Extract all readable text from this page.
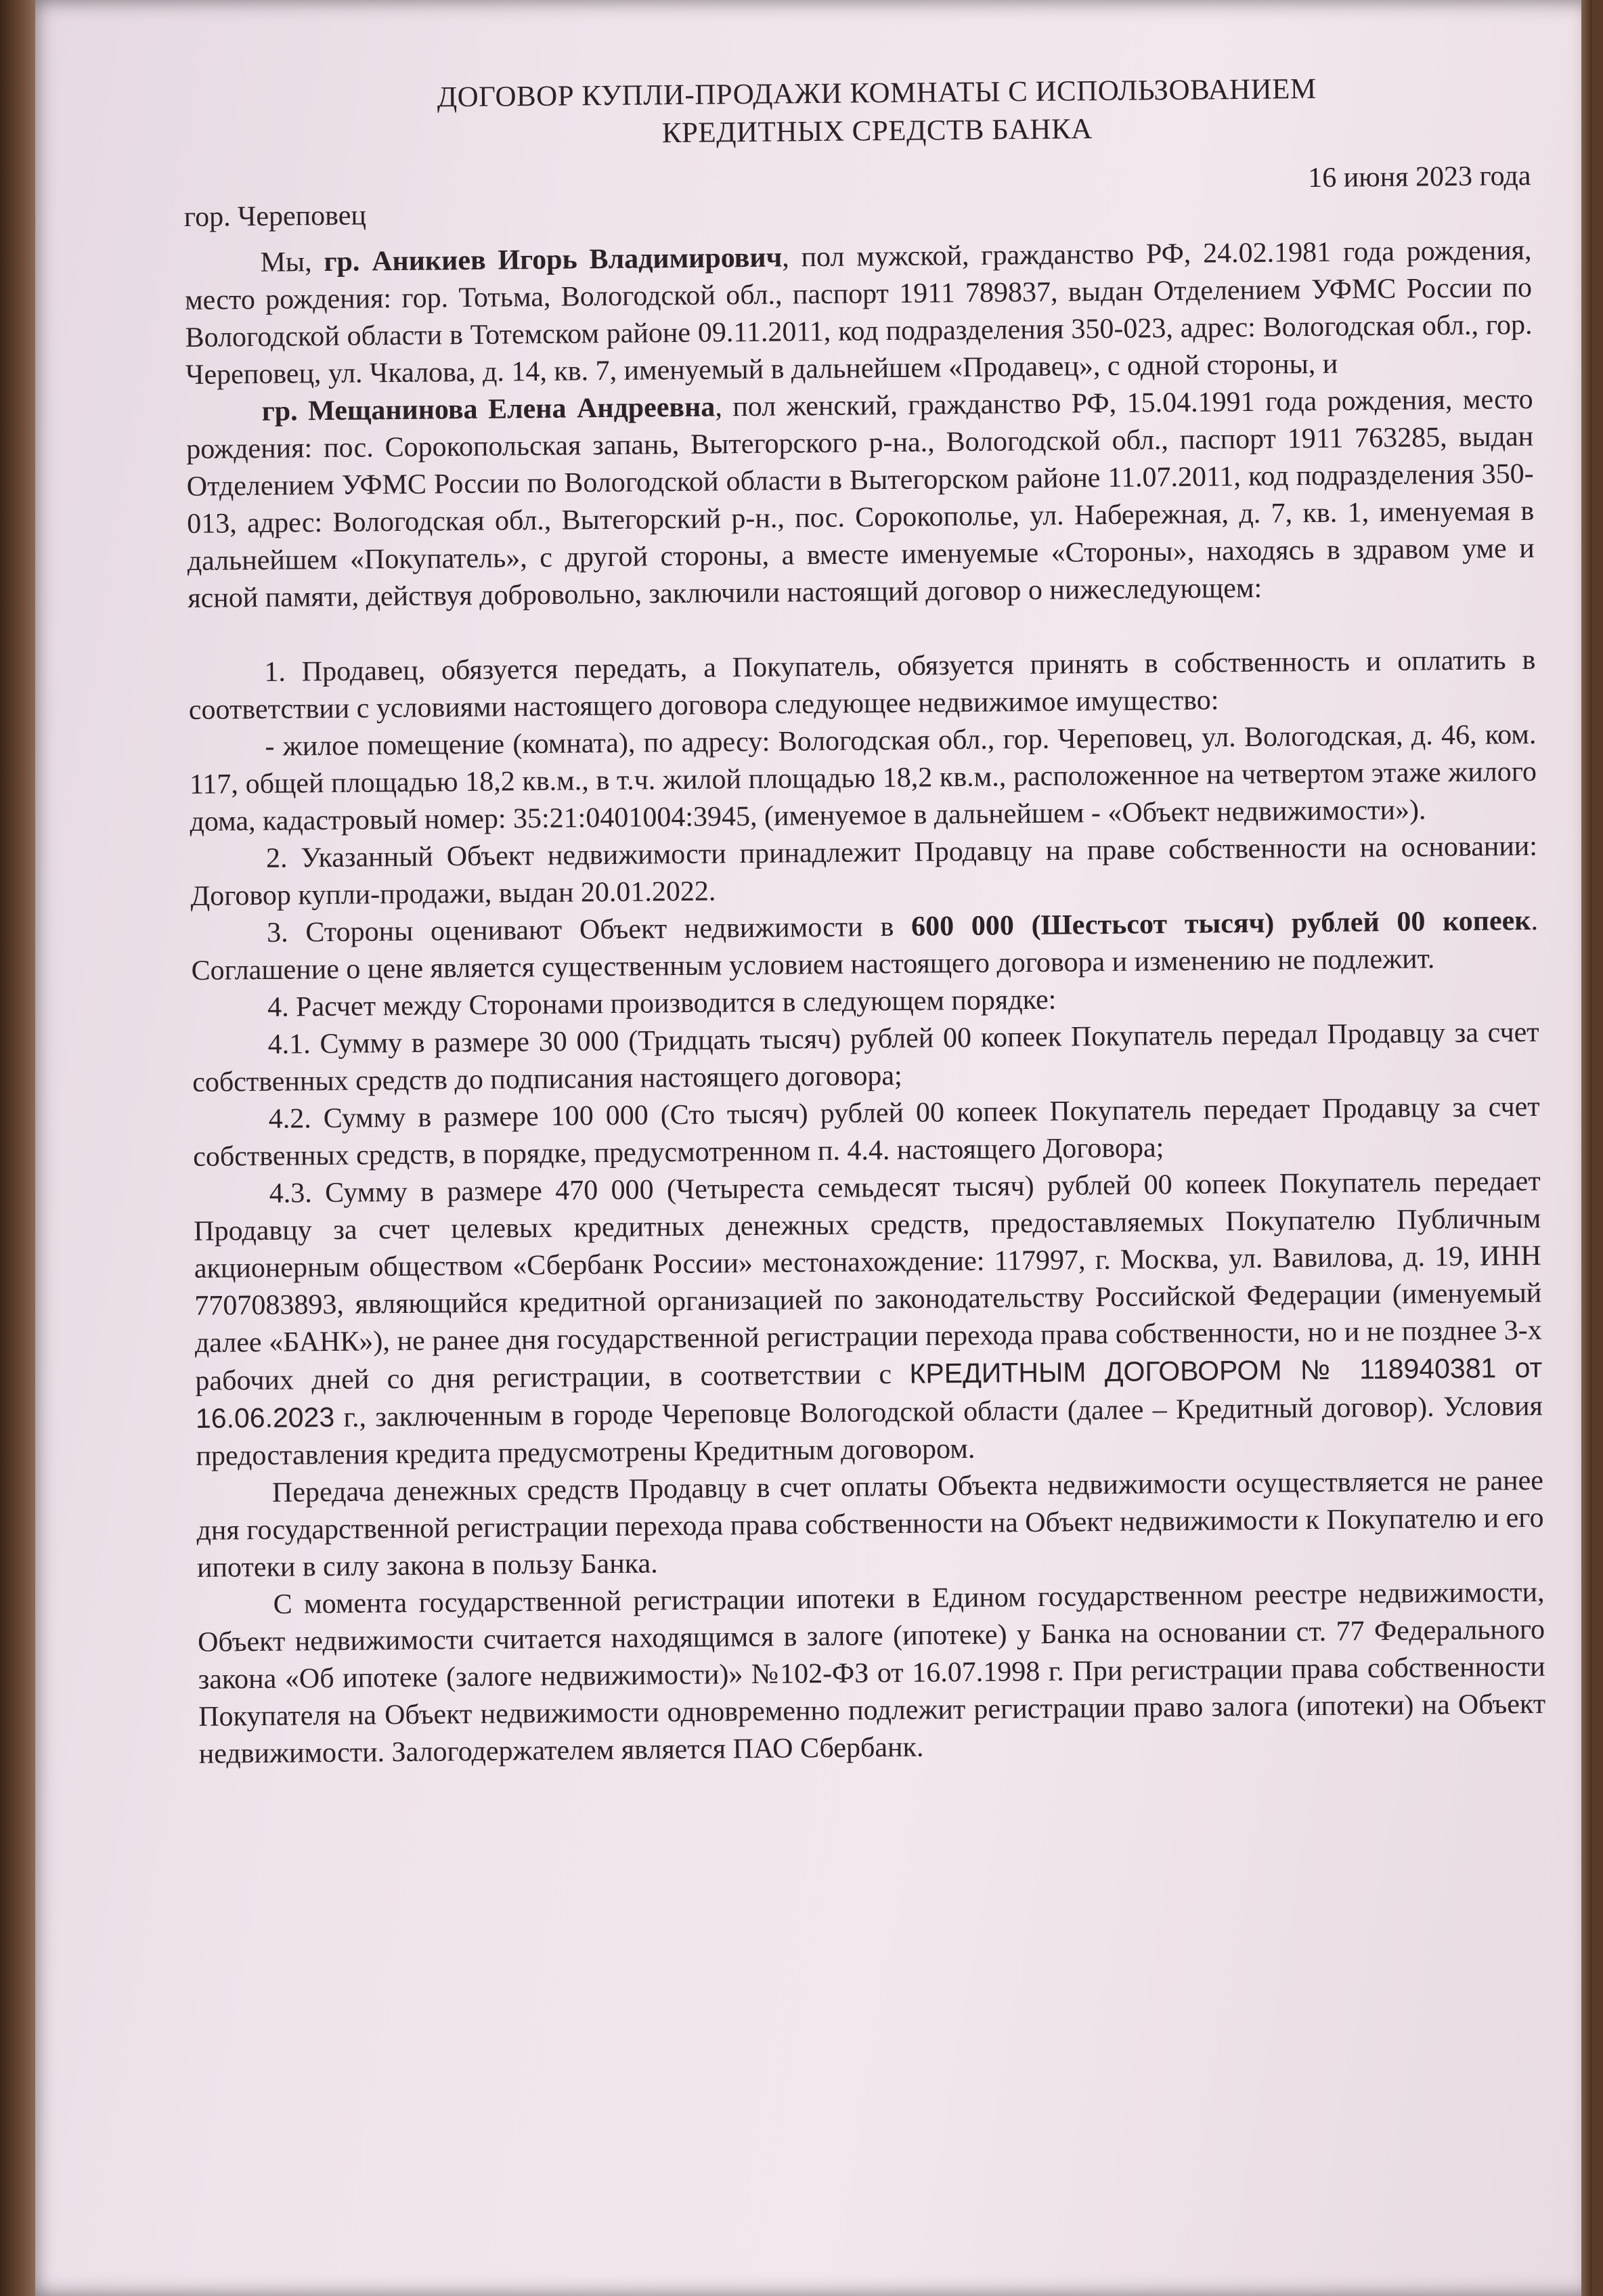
ДОГОВОР КУПЛИ-ПРОДАЖИ КОМНАТЫ С ИСПОЛЬЗОВАНИЕМ
КРЕДИТНЫХ СРЕДСТВ БАНКА
гор. Череповец
16 июня 2023 года

Мы, гр. Аникиев Игорь Владимирович, пол мужской, гражданство РФ, 24.02.1981 года рождения, место рождения: гор. Тотьма, Вологодской обл., паспорт 1911 789837, выдан Отделением УФМС России по Вологодской области в Тотемском районе 09.11.2011, код подразделения 350-023, адрес: Вологодская обл., гор. Череповец, ул. Чкалова, д. 14, кв. 7, именуемый в дальнейшем «Продавец», с одной стороны, и

гр. Мещанинова Елена Андреевна, пол женский, гражданство РФ, 15.04.1991 года рождения, место рождения: пос. Сорокопольская запань, Вытегорского р-на., Вологодской обл., паспорт 1911 763285, выдан Отделением УФМС России по Вологодской области в Вытегорском районе 11.07.2011, код подразделения 350-013, адрес: Вологодская обл., Вытегорский р-н., пос. Сорокополье, ул. Набережная, д. 7, кв. 1, именуемая в дальнейшем «Покупатель», с другой стороны, а вместе именуемые «Стороны», находясь в здравом уме и ясной памяти, действуя добровольно, заключили настоящий договор о нижеследующем:

1. Продавец, обязуется передать, а Покупатель, обязуется принять в собственность и оплатить в соответствии с условиями настоящего договора следующее недвижимое имущество:

- жилое помещение (комната), по адресу: Вологодская обл., гор. Череповец, ул. Вологодская, д. 46, ком. 117, общей площадью 18,2 кв.м., в т.ч. жилой площадью 18,2 кв.м., расположенное на четвертом этаже жилого дома, кадастровый номер: 35:21:0401004:3945, (именуемое в дальнейшем - «Объект недвижимости»).

2. Указанный Объект недвижимости принадлежит Продавцу на праве собственности на основании: Договор купли-продажи, выдан 20.01.2022.

3. Стороны оценивают Объект недвижимости в 600 000 (Шестьсот тысяч) рублей 00 копеек. Соглашение о цене является существенным условием настоящего договора и изменению не подлежит.

4. Расчет между Сторонами производится в следующем порядке:

4.1. Сумму в размере 30 000 (Тридцать тысяч) рублей 00 копеек Покупатель передал Продавцу за счет собственных средств до подписания настоящего договора;

4.2. Сумму в размере 100 000 (Сто тысяч) рублей 00 копеек Покупатель передает Продавцу за счет собственных средств, в порядке, предусмотренном п. 4.4. настоящего Договора;

4.3. Сумму в размере 470 000 (Четыреста семьдесят тысяч) рублей 00 копеек Покупатель передает Продавцу за счет целевых кредитных денежных средств, предоставляемых Покупателю Публичным акционерным обществом «Сбербанк России» местонахождение: 117997, г. Москва, ул. Вавилова, д. 19, ИНН 7707083893, являющийся кредитной организацией по законодательству Российской Федерации (именуемый далее «БАНК»), не ранее дня государственной регистрации перехода права собственности, но и не позднее 3-х рабочих дней со дня регистрации, в соответствии с КРЕДИТНЫМ ДОГОВОРОМ № 118940381 от 16.06.2023 г., заключенным в городе Череповце Вологодской области (далее – Кредитный договор). Условия предоставления кредита предусмотрены Кредитным договором.

Передача денежных средств Продавцу в счет оплаты Объекта недвижимости осуществляется не ранее дня государственной регистрации перехода права собственности на Объект недвижимости к Покупателю и его ипотеки в силу закона в пользу Банка.

С момента государственной регистрации ипотеки в Едином государственном реестре недвижимости, Объект недвижимости считается находящимся в залоге (ипотеке) у Банка на основании ст. 77 Федерального закона «Об ипотеке (залоге недвижимости)» №102-ФЗ от 16.07.1998 г. При регистрации права собственности Покупателя на Объект недвижимости одновременно подлежит регистрации право залога (ипотеки) на Объект недвижимости. Залогодержателем является ПАО Сбербанк.
